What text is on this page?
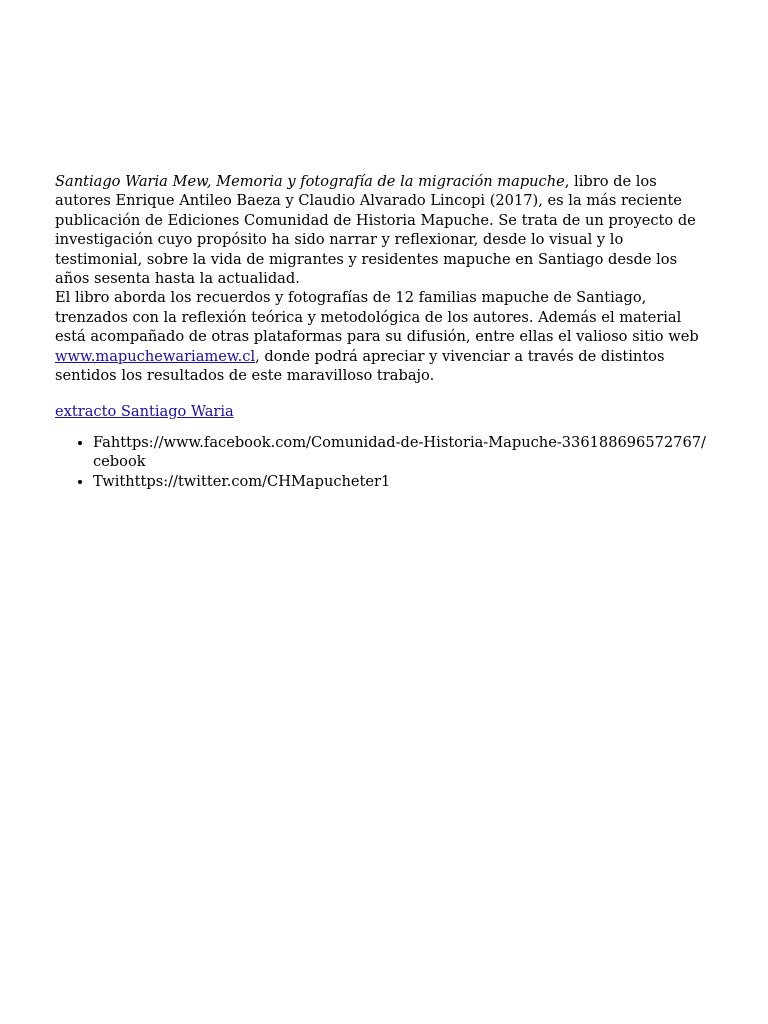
Santiago Waria Mew, Memoria y fotografía de la migración mapuche, libro de los autores Enrique Antileo Baeza y Claudio Alvarado Lincopi (2017), es la más reciente publicación de Ediciones Comunidad de Historia Mapuche. Se trata de un proyecto de investigación cuyo propósito ha sido narrar y reflexionar, desde lo visual y lo testimonial, sobre la vida de migrantes y residentes mapuche en Santiago desde los años sesenta hasta la actualidad.
El libro aborda los recuerdos y fotografías de 12 familias mapuche de Santiago, trenzados con la reflexión teórica y metodológica de los autores. Además el material está acompañado de otras plataformas para su difusión, entre ellas el valioso sitio web www.mapuchewariamew.cl, donde podrá apreciar y vivenciar a través de distintos sentidos los resultados de este maravilloso trabajo.

extracto Santiago Waria

• Fahttps://www.facebook.com/Comunidad-de-Historia-Mapuche-336188696572767/cebook
• Twithttps://twitter.com/CHMapucheter1
